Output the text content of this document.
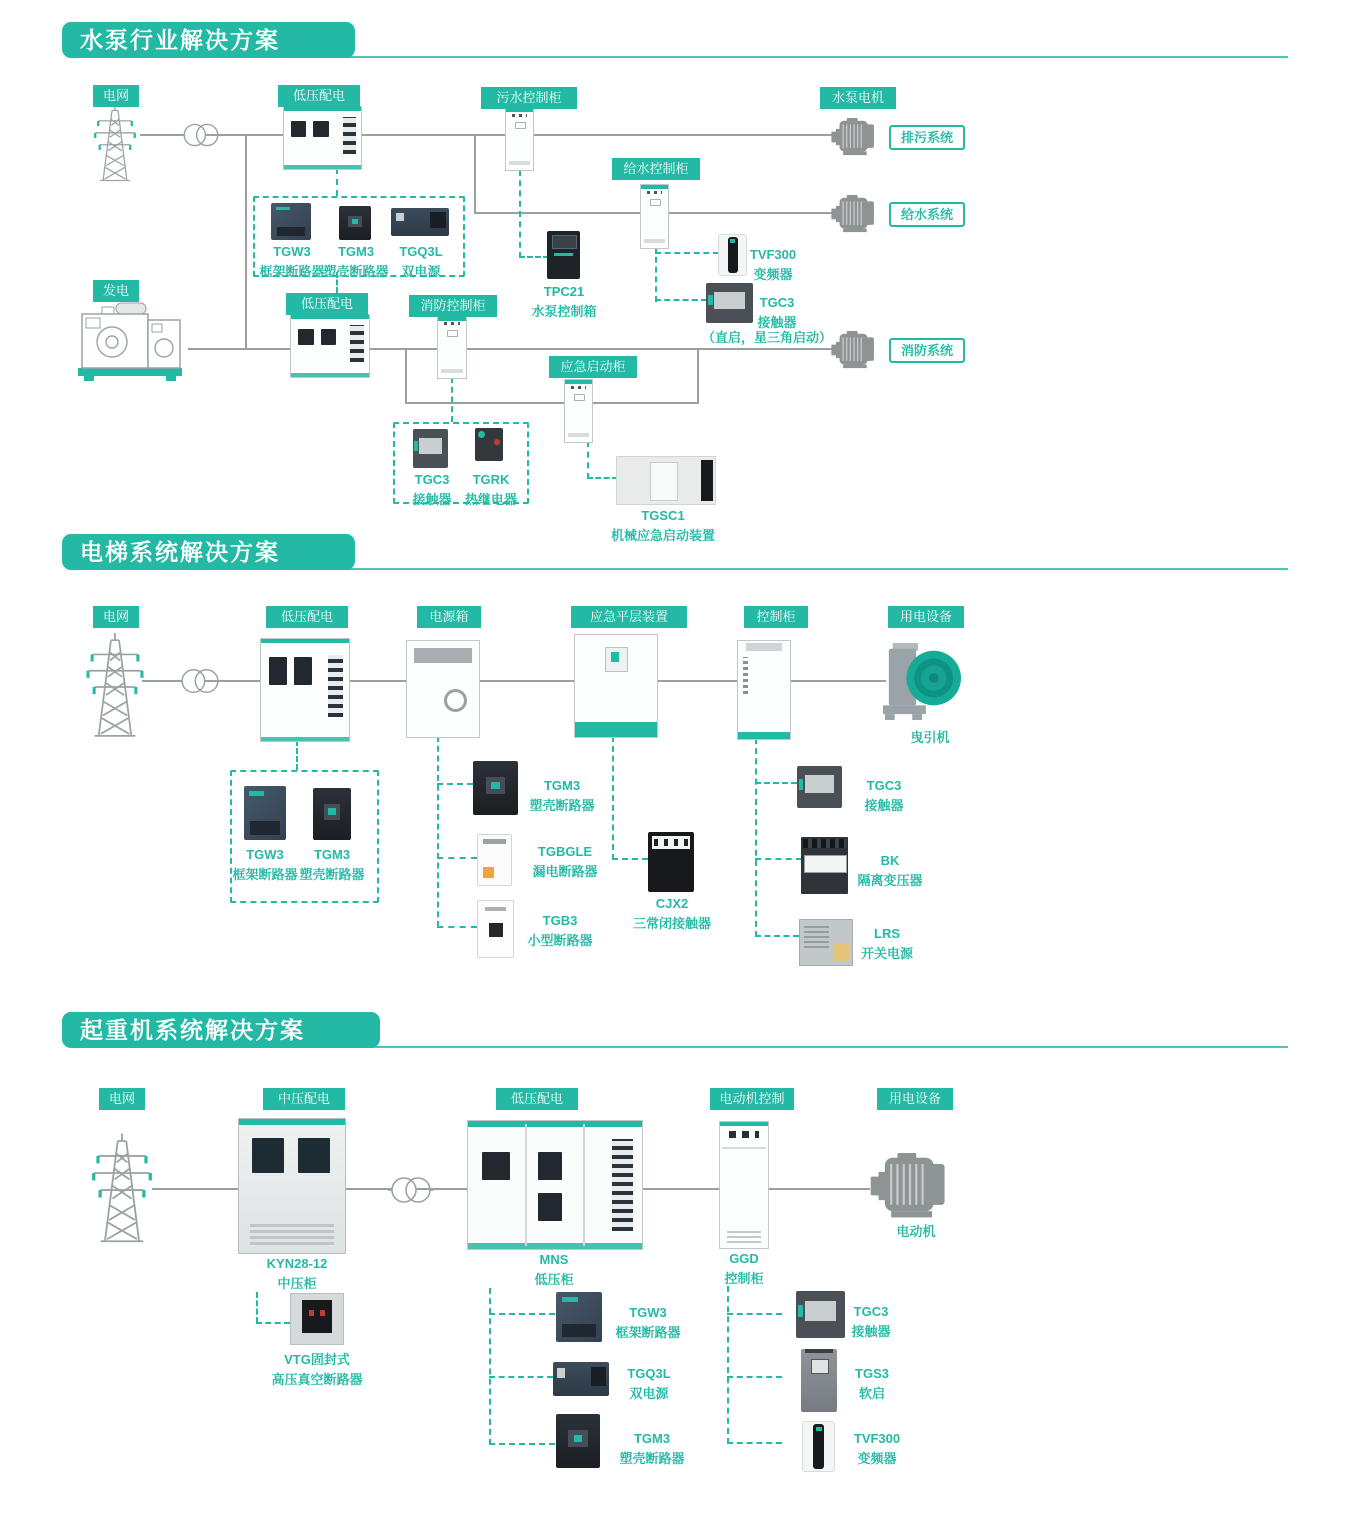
水泵行业解决方案
电网	低压配电	污水控制柜	水泵电机
给水控制柜
发电
低压配电	消防控制柜
应急启动柜
排污系统
给水系统
消防系统
TGW3
框架断路器
TGM3
塑壳断路器
TGQ3L
双电源
TPC21
水泵控制箱
TVF300
变频器
TGC3
接触器
（直启，星三角启动）
TGC3
接触器
TGRK
热继电器
TGSC1
机械应急启动装置
电梯系统解决方案
电网	低压配电	电源箱	应急平层装置	控制柜	用电设备
曳引机
TGW3
框架断路器
TGM3
塑壳断路器
TGM3
塑壳断路器
TGBGLE
漏电断路器
TGB3
小型断路器
CJX2
三常闭接触器
TGC3
接触器
BK
隔离变压器
LRS
开关电源
起重机系统解决方案
电网	中压配电	低压配电	电动机控制	用电设备
KYN28-12
中压柜
MNS
低压柜
GGD
控制柜
电动机
VTG固封式
高压真空断路器
TGW3
框架断路器
TGQ3L
双电源
TGM3
塑壳断路器
TGC3
接触器
TGS3
软启
TVF300
变频器
